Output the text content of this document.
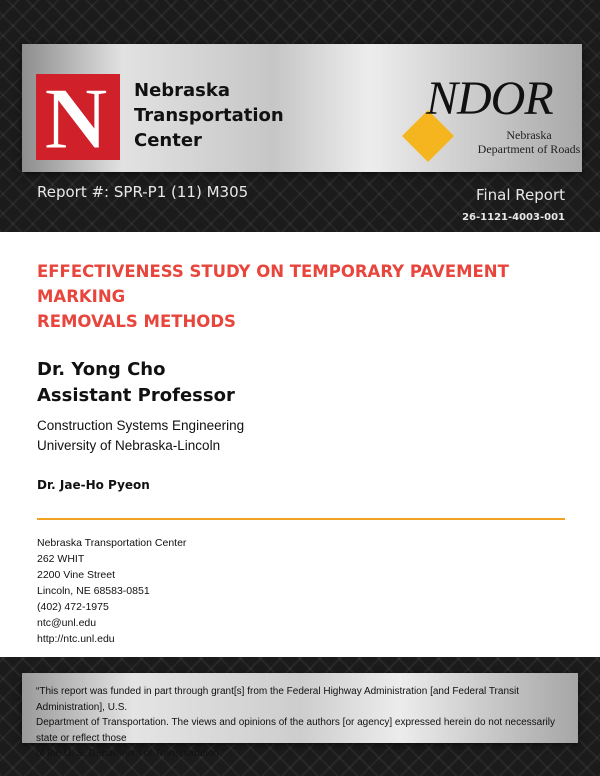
N Nebraska
Transportation
Center
NDOR
Nebraska
Department of Roads
Report #: SPR-P1 (11) M305	Final Report
26-1121-4003-001
EFFECTIVENESS STUDY ON TEMPORARY PAVEMENT MARKING
REMOVALS METHODS
Dr. Yong Cho
Assistant Professor
Construction Systems Engineering
University of Nebraska-Lincoln
Dr. Jae-Ho Pyeon
Nebraska Transportation Center
262 WHIT
2200 Vine Street
Lincoln, NE 68583-0851
(402) 472-1975
ntc@unl.edu
http://ntc.unl.edu
“This report was funded in part through grant[s] from the Federal Highway Administration [and Federal Transit Administration], U.S.
Department of Transportation. The views and opinions of the authors [or agency] expressed herein do not necessarily state or reflect those
of the U. S. Department of Transportation.”
